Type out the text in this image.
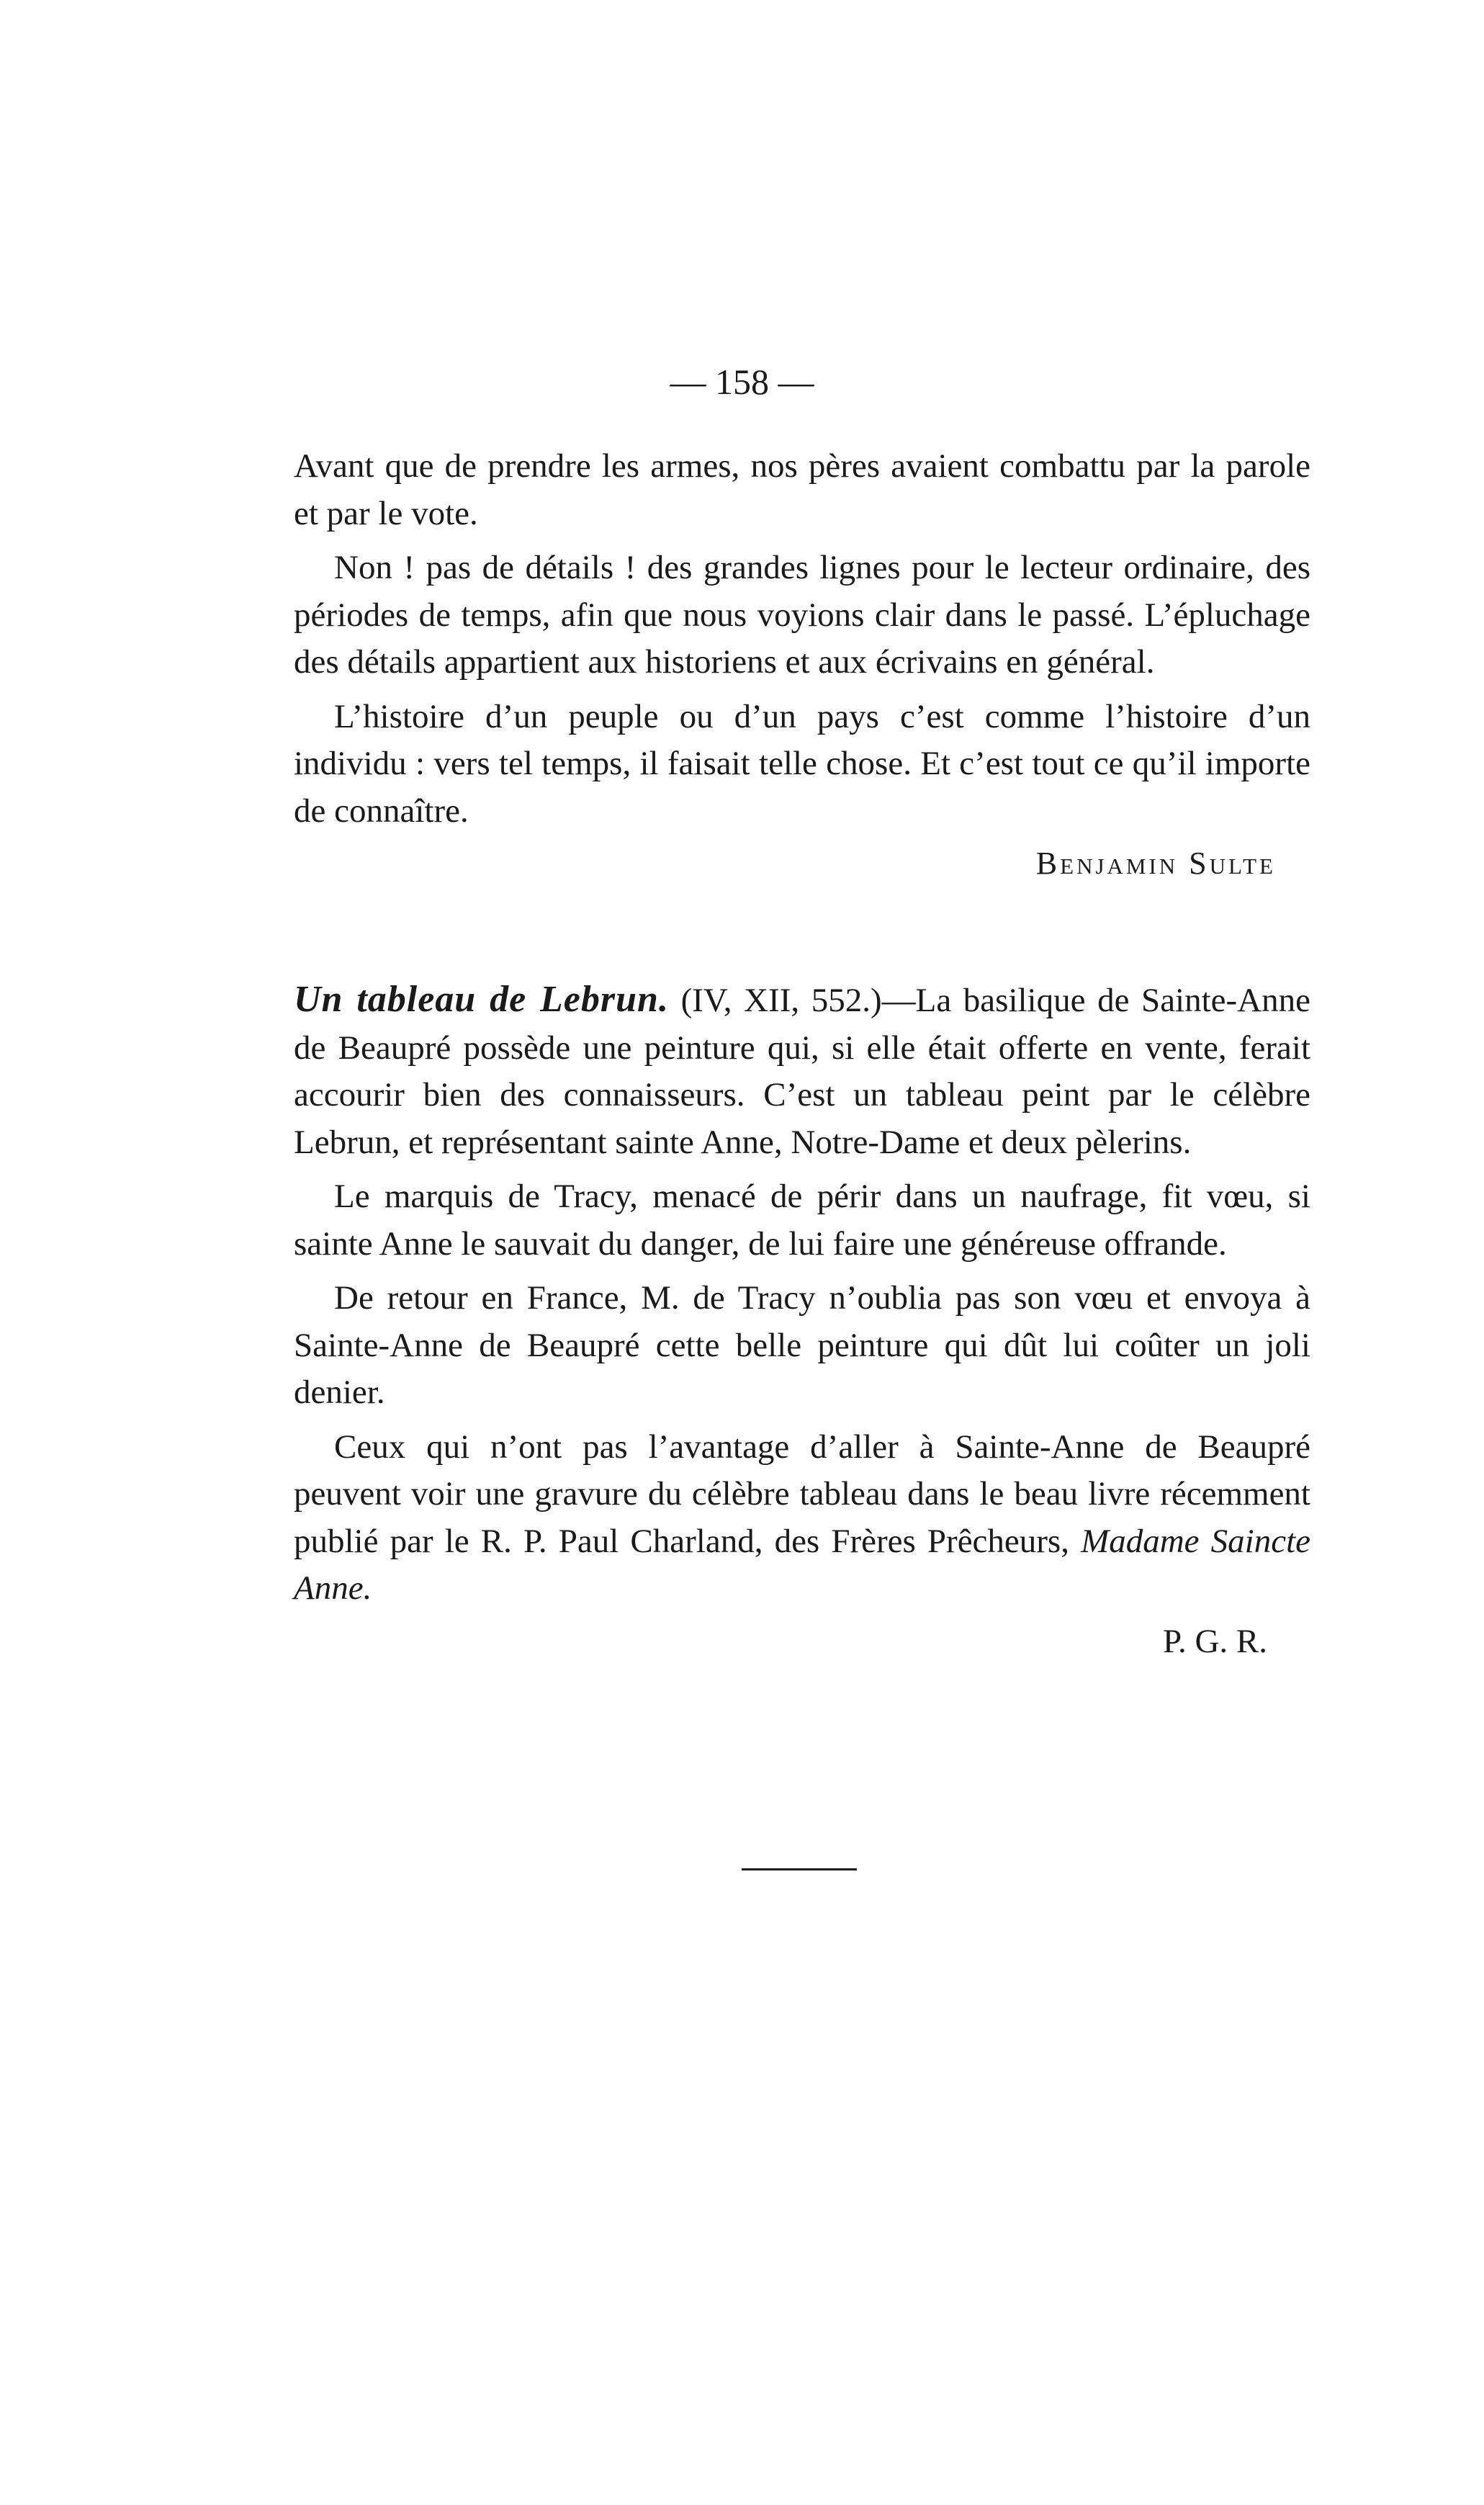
— 158 —

Avant que de prendre les armes, nos pères avaient combattu par la parole et par le vote.

Non ! pas de détails ! des grandes lignes pour le lecteur ordinaire, des périodes de temps, afin que nous voyions clair dans le passé. L’épluchage des détails appartient aux historiens et aux écrivains en général.

L’histoire d’un peuple ou d’un pays c’est comme l’histoire d’un individu : vers tel temps, il faisait telle chose. Et c’est tout ce qu’il importe de connaître.

Benjamin Sulte

Un tableau de Lebrun. (IV, XII, 552.)—La basilique de Sainte-Anne de Beaupré possède une peinture qui, si elle était offerte en vente, ferait accourir bien des connaisseurs. C’est un tableau peint par le célèbre Lebrun, et représentant sainte Anne, Notre-Dame et deux pèlerins.

Le marquis de Tracy, menacé de périr dans un naufrage, fit vœu, si sainte Anne le sauvait du danger, de lui faire une généreuse offrande.

De retour en France, M. de Tracy n’oublia pas son vœu et envoya à Sainte-Anne de Beaupré cette belle peinture qui dût lui coûter un joli denier.

Ceux qui n’ont pas l’avantage d’aller à Sainte-Anne de Beaupré peuvent voir une gravure du célèbre tableau dans le beau livre récemment publié par le R. P. Paul Charland, des Frères Prêcheurs, Madame Saincte Anne.

P. G. R.
